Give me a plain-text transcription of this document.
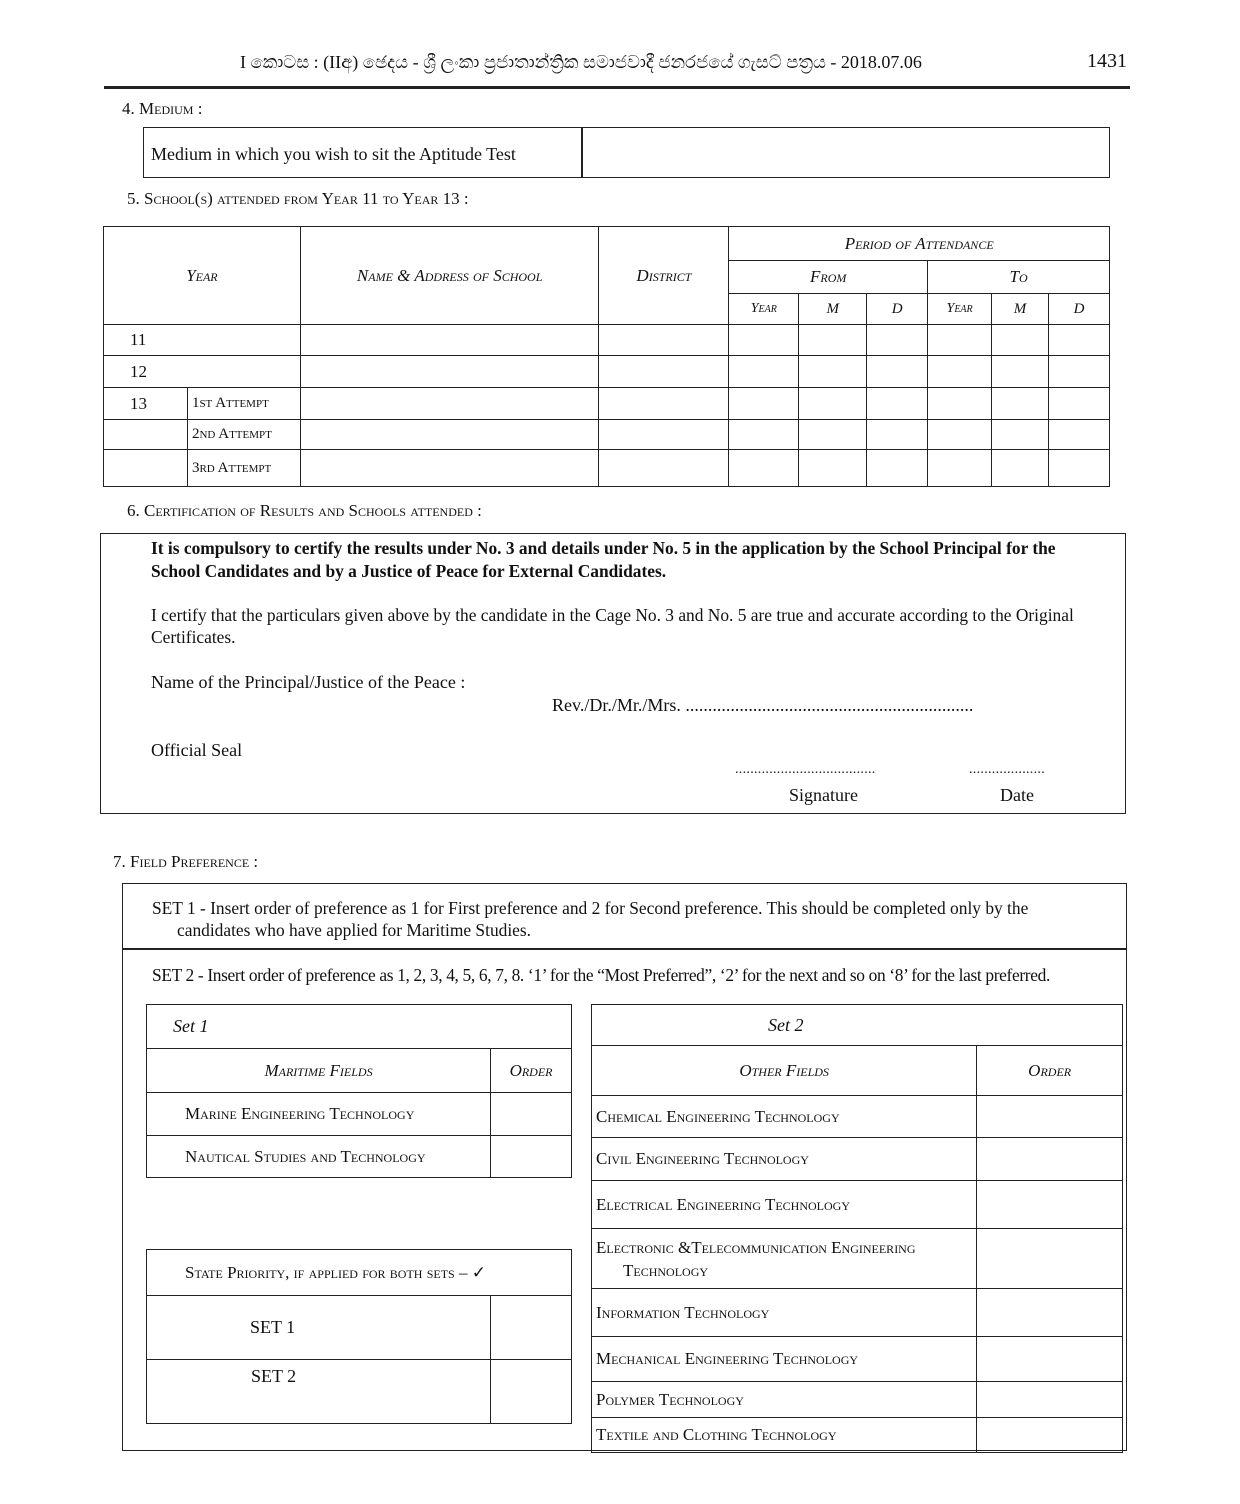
I කොටස : (IIඅ) ඡෙදය - ශ්‍රී ලංකා ප්‍රජාතාන්ත්‍රික සමාජවාදී ජනරජයේ ගැසට් පත්‍රය - 2018.07.06	1431
4. Medium :
Medium in which you wish to sit the Aptitude Test
5. School(s) attended from Year 11 to Year 13 :
Year		Name & Address of School	District	Period of Attendance					
				From			To		
				Year	M	D	Year	M	D
11									
12									
13	1st Attempt								
	2nd Attempt								
	3rd Attempt								
6. Certification of Results and Schools attended :
It is compulsory to certify the results under No. 3 and details under No. 5 in the application by the School Principal for the
School Candidates and by a Justice of Peace for External Candidates.
I certify that the particulars given above by the candidate in the Cage No. 3 and No. 5 are true and accurate according to the Original
Certificates.
Name of the Principal/Justice of the Peace :
Rev./Dr./Mr./Mrs. ................................................................
Official Seal
.....................................	....................
Signature	Date
7. Field Preference :
SET 1 - Insert order of preference as 1 for First preference and 2 for Second preference. This should be completed only by the
candidates who have applied for Maritime Studies.
SET 2 - Insert order of preference as 1, 2, 3, 4, 5, 6, 7, 8. ‘1’ for the “Most Preferred”, ‘2’ for the next and so on ‘8’ for the last preferred.
Set 1	
Maritime Fields	Order
Marine Engineering Technology	
Nautical Studies and Technology	
State Priority, if applied for both sets – ✓	
SET 1	
SET 2	
Set 2	
Other Fields	Order
Chemical Engineering Technology	
Civil Engineering Technology	
Electrical Engineering Technology	
Electronic &Telecommunication Engineering
Technology	
Information Technology	
Mechanical Engineering Technology	
Polymer Technology	
Textile and Clothing Technology	
